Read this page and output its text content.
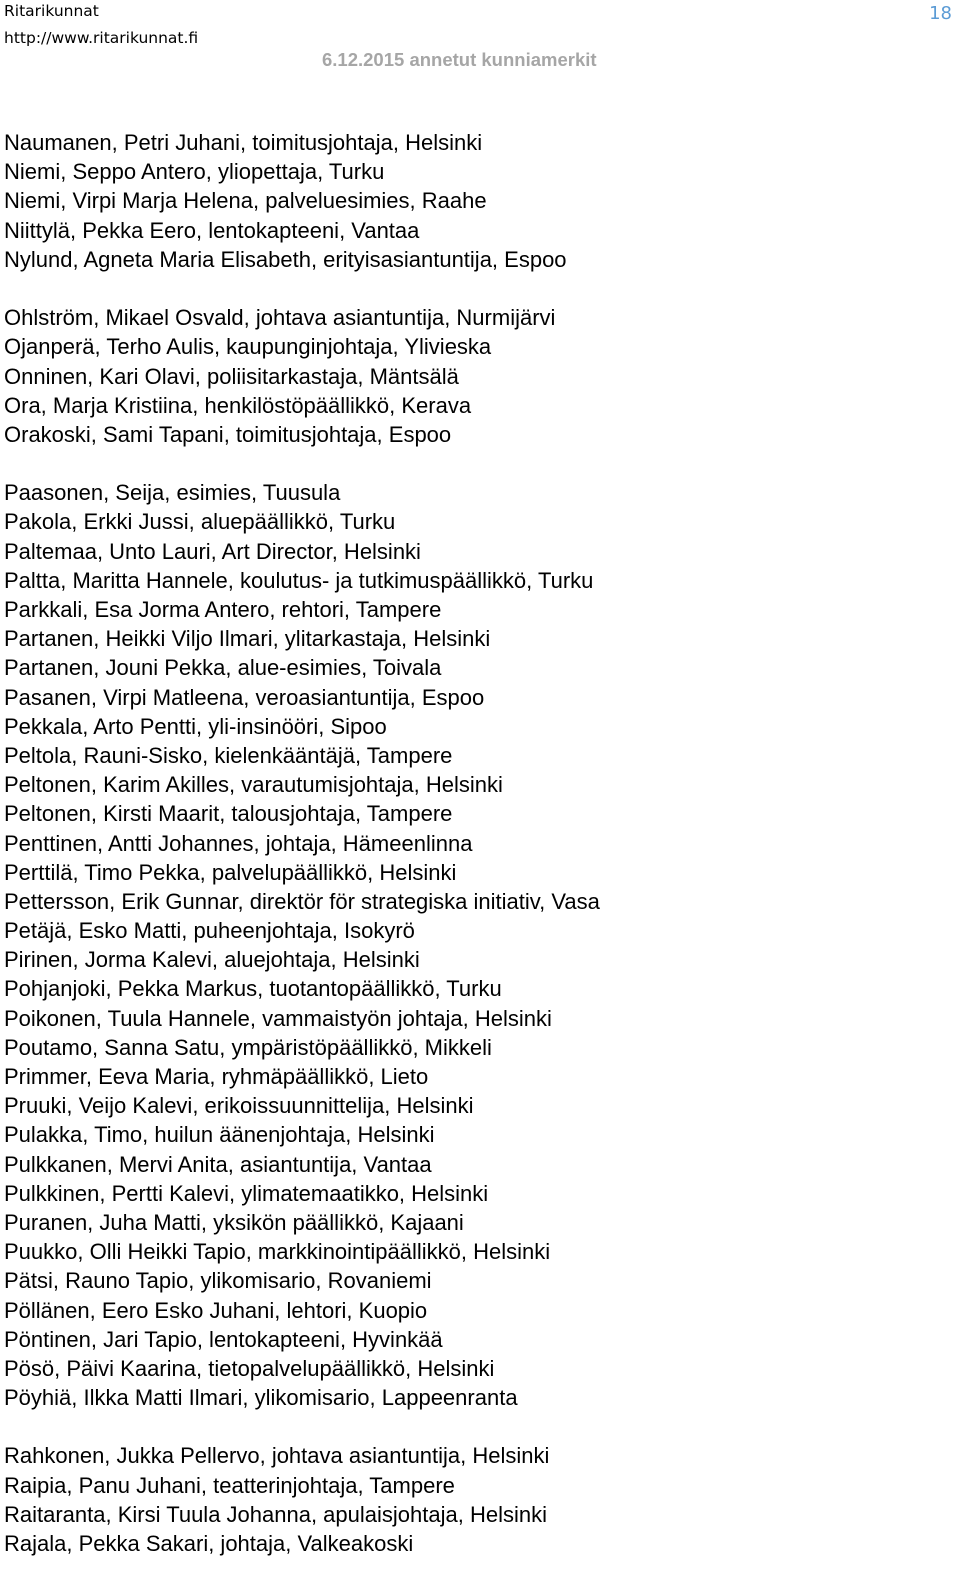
Ritarikunnat
http://www.ritarikunnat.fi
18
6.12.2015 annetut kunniamerkit
Naumanen, Petri Juhani, toimitusjohtaja, Helsinki
Niemi, Seppo Antero, yliopettaja, Turku
Niemi, Virpi Marja Helena, palveluesimies, Raahe
Niittylä, Pekka Eero, lentokapteeni, Vantaa
Nylund, Agneta Maria Elisabeth, erityisasiantuntija, Espoo
Ohlström, Mikael Osvald, johtava asiantuntija, Nurmijärvi
Ojanperä, Terho Aulis, kaupunginjohtaja, Ylivieska
Onninen, Kari Olavi, poliisitarkastaja, Mäntsälä
Ora, Marja Kristiina, henkilöstöpäällikkö, Kerava
Orakoski, Sami Tapani, toimitusjohtaja, Espoo
Paasonen, Seija, esimies, Tuusula
Pakola, Erkki Jussi, aluepäällikkö, Turku
Paltemaa, Unto Lauri, Art Director, Helsinki
Paltta, Maritta Hannele, koulutus- ja tutkimuspäällikkö, Turku
Parkkali, Esa Jorma Antero, rehtori, Tampere
Partanen, Heikki Viljo Ilmari, ylitarkastaja, Helsinki
Partanen, Jouni Pekka, alue-esimies, Toivala
Pasanen, Virpi Matleena, veroasiantuntija, Espoo
Pekkala, Arto Pentti, yli-insinööri, Sipoo
Peltola, Rauni-Sisko, kielenkääntäjä, Tampere
Peltonen, Karim Akilles, varautumisjohtaja, Helsinki
Peltonen, Kirsti Maarit, talousjohtaja, Tampere
Penttinen, Antti Johannes, johtaja, Hämeenlinna
Perttilä, Timo Pekka, palvelupäällikkö, Helsinki
Pettersson, Erik Gunnar, direktör för strategiska initiativ, Vasa
Petäjä, Esko Matti, puheenjohtaja, Isokyrö
Pirinen, Jorma Kalevi, aluejohtaja, Helsinki
Pohjanjoki, Pekka Markus, tuotantopäällikkö, Turku
Poikonen, Tuula Hannele, vammaistyön johtaja, Helsinki
Poutamo, Sanna Satu, ympäristöpäällikkö, Mikkeli
Primmer, Eeva Maria, ryhmäpäällikkö, Lieto
Pruuki, Veijo Kalevi, erikoissuunnittelija, Helsinki
Pulakka, Timo, huilun äänenjohtaja, Helsinki
Pulkkanen, Mervi Anita, asiantuntija, Vantaa
Pulkkinen, Pertti Kalevi, ylimatemaatikko, Helsinki
Puranen, Juha Matti, yksikön päällikkö, Kajaani
Puukko, Olli Heikki Tapio, markkinointipäällikkö, Helsinki
Pätsi, Rauno Tapio, ylikomisario, Rovaniemi
Pöllänen, Eero Esko Juhani, lehtori, Kuopio
Pöntinen, Jari Tapio, lentokapteeni, Hyvinkää
Pösö, Päivi Kaarina, tietopalvelupäällikkö, Helsinki
Pöyhiä, Ilkka Matti Ilmari, ylikomisario, Lappeenranta
Rahkonen, Jukka Pellervo, johtava asiantuntija, Helsinki
Raipia, Panu Juhani, teatterinjohtaja, Tampere
Raitaranta, Kirsi Tuula Johanna, apulaisjohtaja, Helsinki
Rajala, Pekka Sakari, johtaja, Valkeakoski
